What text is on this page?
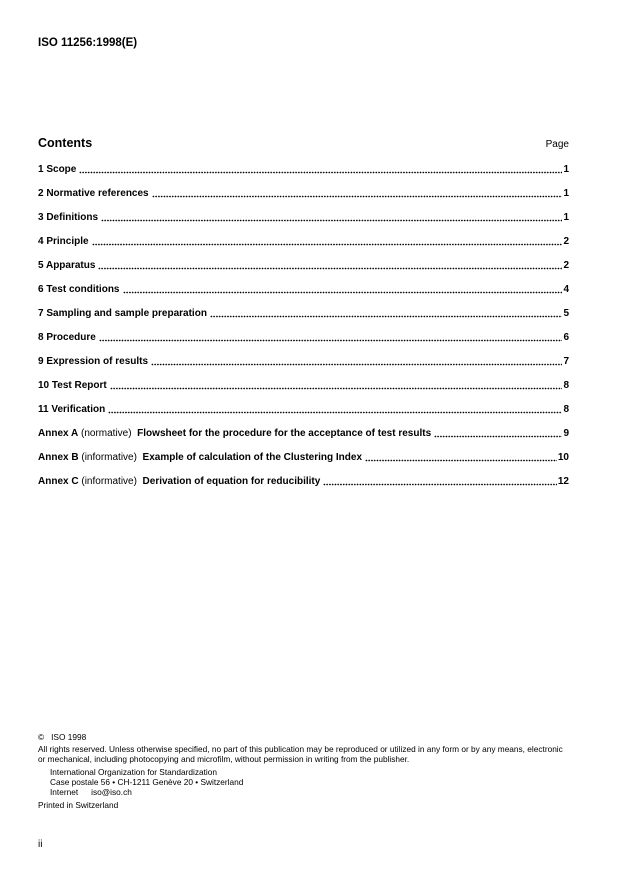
ISO 11256:1998(E)
Contents	Page
1 Scope	1
2 Normative references	1
3 Definitions	1
4 Principle	2
5 Apparatus	2
6 Test conditions	4
7 Sampling and sample preparation	5
8 Procedure	6
9 Expression of results	7
10 Test Report	8
11 Verification	8
Annex A (normative) Flowsheet for the procedure for the acceptance of test results	9
Annex B (informative) Example of calculation of the Clustering Index	10
Annex C (informative) Derivation of equation for reducibility	12
© ISO 1998
All rights reserved. Unless otherwise specified, no part of this publication may be reproduced or utilized in any form or by any means, electronic
or mechanical, including photocopying and microfilm, without permission in writing from the publisher.
International Organization for Standardization
Case postale 56 • CH-1211 Genève 20 • Switzerland
Internet iso@iso.ch
Printed in Switzerland
ii
